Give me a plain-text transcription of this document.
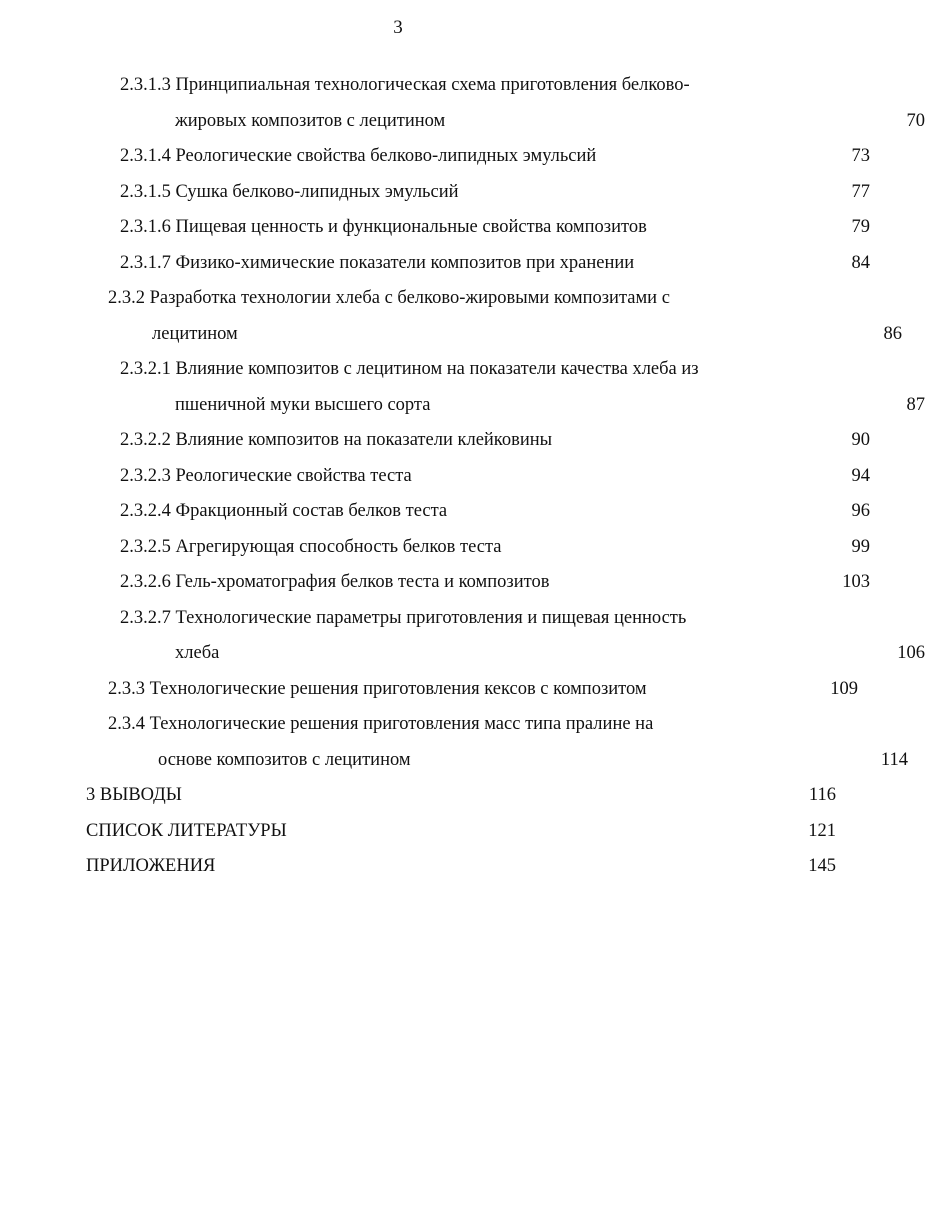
3
2.3.1.3 Принципиальная технологическая схема приготовления белково-
жировых композитов с лецитином	70
2.3.1.4 Реологические свойства белково-липидных эмульсий	73
2.3.1.5 Сушка белково-липидных эмульсий	77
2.3.1.6 Пищевая ценность и функциональные свойства композитов	79
2.3.1.7 Физико-химические показатели композитов при хранении	84
2.3.2 Разработка технологии хлеба с белково-жировыми композитами с
лецитином	86
2.3.2.1 Влияние композитов с лецитином на показатели качества хлеба из
пшеничной муки высшего сорта	87
2.3.2.2 Влияние композитов на показатели клейковины	90
2.3.2.3 Реологические свойства теста	94
2.3.2.4 Фракционный состав белков теста	96
2.3.2.5 Агрегирующая способность белков теста	99
2.3.2.6 Гель-хроматография белков теста и композитов	103
2.3.2.7 Технологические параметры приготовления и пищевая ценность
хлеба	106
2.3.3 Технологические решения приготовления кексов с композитом	109
2.3.4 Технологические решения приготовления масс типа пралине на
основе композитов с лецитином	114
3 ВЫВОДЫ	116
СПИСОК ЛИТЕРАТУРЫ	121
ПРИЛОЖЕНИЯ	145
